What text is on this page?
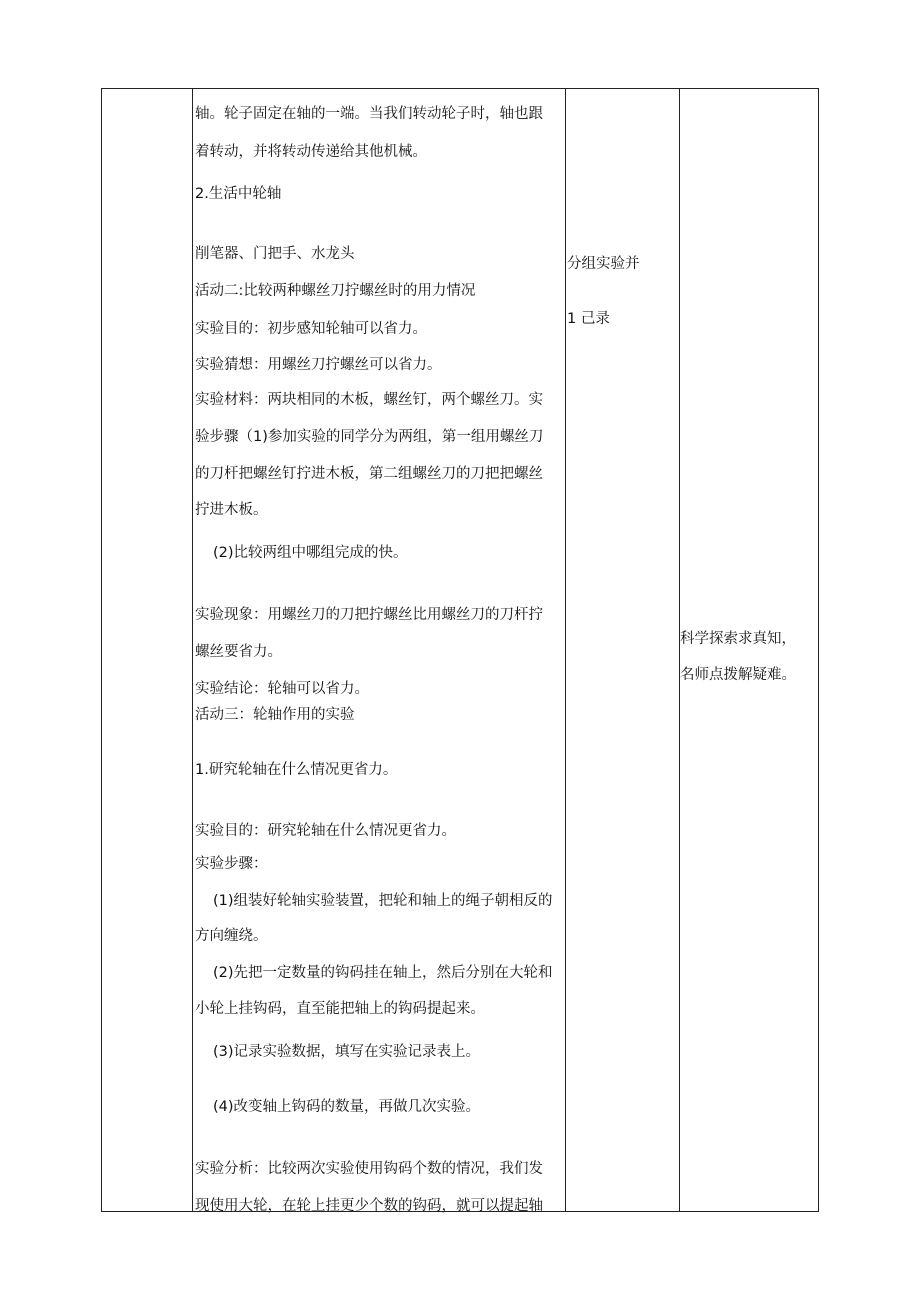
轴。轮子固定在轴的一端。当我们转动轮子时，轴也跟
着转动，并将转动传递给其他机械。
2.生活中轮轴
削笔器、门把手、水龙头
活动二:比较两种螺丝刀拧螺丝时的用力情况
实验目的：初步感知轮轴可以省力。
实验猜想：用螺丝刀拧螺丝可以省力。
实验材料：两块相同的木板，螺丝钉，两个螺丝刀。实
验步骤（1)参加实验的同学分为两组，第一组用螺丝刀
的刀杆把螺丝钉拧进木板，第二组螺丝刀的刀把把螺丝
拧进木板。
(2)比较两组中哪组完成的快。
实验现象：用螺丝刀的刀把拧螺丝比用螺丝刀的刀杆拧
螺丝要省力。
实验结论：轮轴可以省力。
活动三：轮轴作用的实验
1.研究轮轴在什么情况更省力。
实验目的：研究轮轴在什么情况更省力。
实验步骤：
(1)组装好轮轴实验装置，把轮和轴上的绳子朝相反的
方向缠绕。
(2)先把一定数量的钩码挂在轴上，然后分别在大轮和
小轮上挂钩码，直至能把轴上的钩码提起来。
(3)记录实验数据，填写在实验记录表上。
(4)改变轴上钩码的数量，再做几次实验。
实验分析：比较两次实验使用钩码个数的情况，我们发
现使用大轮，在轮上挂更少个数的钩码，就可以提起轴
分组实验并
1 己录
科学探索求真知，
名师点拨解疑难。
